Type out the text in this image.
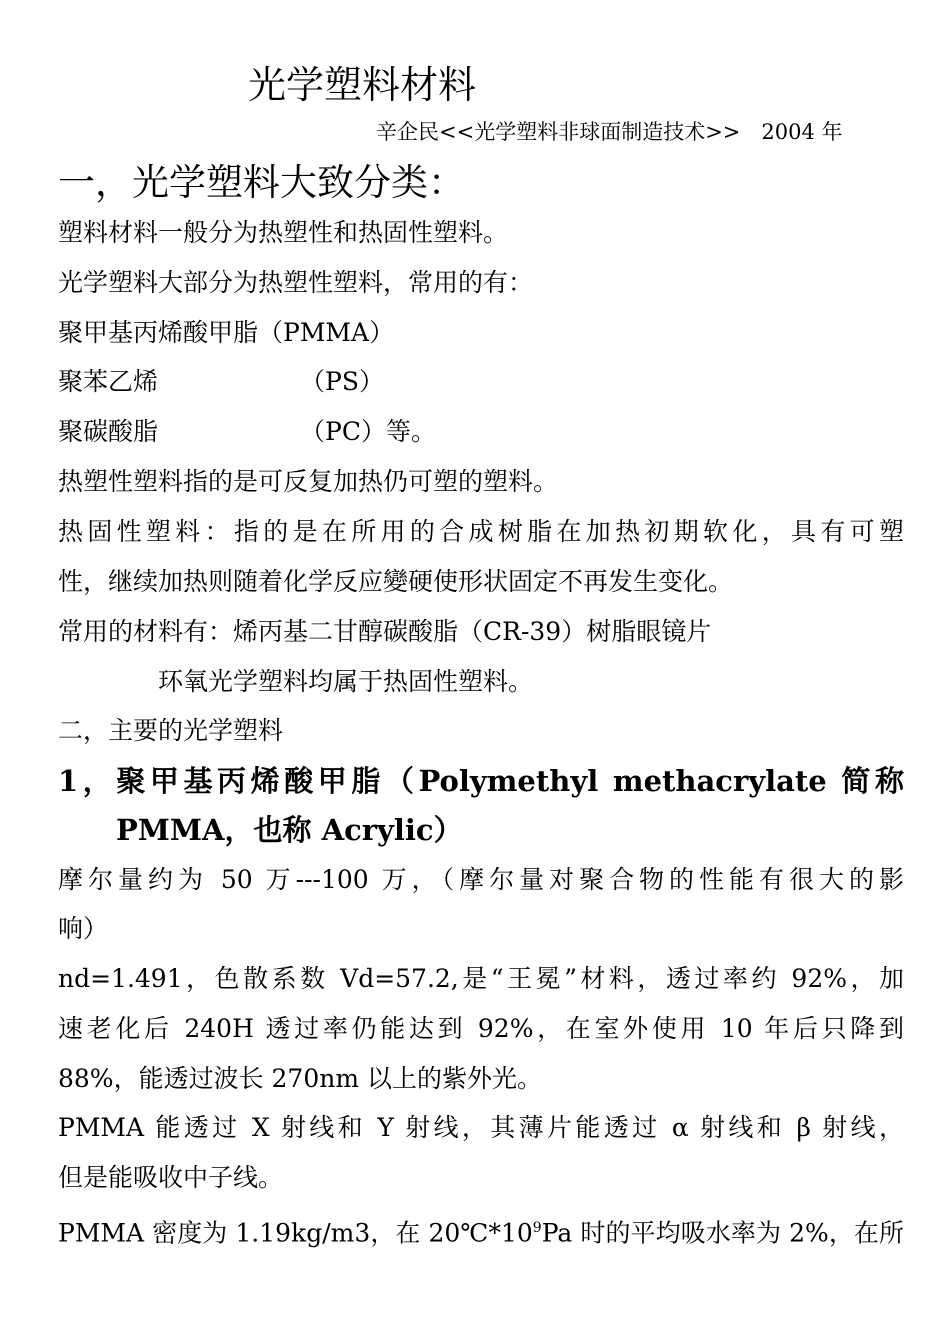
光学塑料材料
辛企民<<光学塑料非球面制造技术>>　2004 年
一，光学塑料大致分类：
塑料材料一般分为热塑性和热固性塑料。
光学塑料大部分为热塑性塑料，常用的有：
聚甲基丙烯酸甲脂（PMMA）
聚苯乙烯	（PS）
聚碳酸脂	（PC）等。
热塑性塑料指的是可反复加热仍可塑的塑料。
热固性塑料：指的是在所用的合成树脂在加热初期软化，具有可塑
性，继续加热则随着化学反应變硬使形状固定不再发生变化。
常用的材料有：烯丙基二甘醇碳酸脂（CR-39）树脂眼镜片
环氧光学塑料均属于热固性塑料。
二，主要的光学塑料
1，聚甲基丙烯酸甲脂（Polymethyl methacrylate 简称
PMMA，也称 Acrylic）
摩尔量约为 50 万---100 万，（摩尔量对聚合物的性能有很大的影
响）
nd=1.491，色散系数 Vd=57.2,是“王冕”材料，透过率约 92%，加
速老化后 240H 透过率仍能达到 92%，在室外使用 10 年后只降到
88%，能透过波长 270nm 以上的紫外光。
PMMA 能透过 X 射线和 Y 射线，其薄片能透过 α 射线和 β 射线，
但是能吸收中子线。
PMMA 密度为 1.19kg/m3，在 $20℃*10^9Pa$ 时的平均吸水率为 2%，在所
